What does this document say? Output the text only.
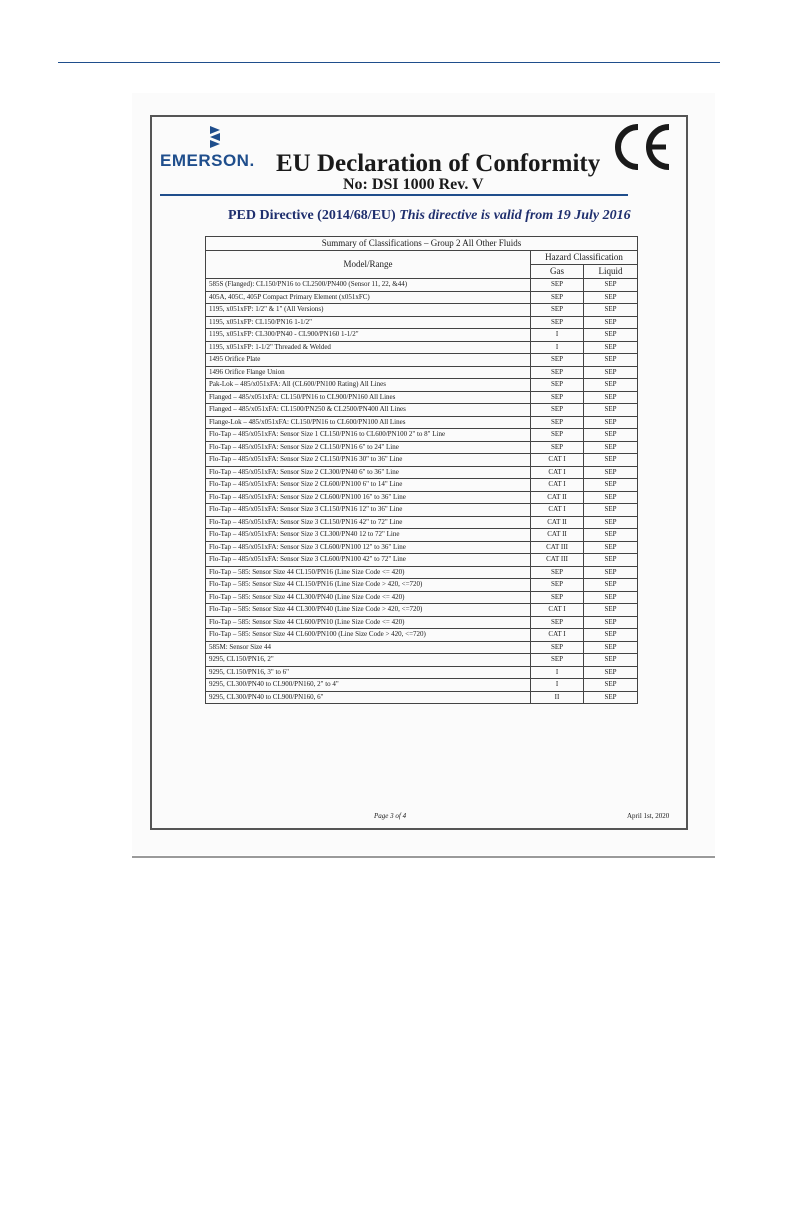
EMERSON. EU Declaration of Conformity
No: DSI 1000 Rev. V
PED Directive (2014/68/EU) This directive is valid from 19 July 2016
Summary of Classifications – Group 2 All Other Fluids		
Model/Range	Hazard Classification	
	Gas	Liquid
585S (Flanged): CL150/PN16 to CL2500/PN400 (Sensor 11, 22, &44)	SEP	SEP
405A, 405C, 405P Compact Primary Element (x051xFC)	SEP	SEP
1195, x051xFP: 1/2" & 1" (All Versions)	SEP	SEP
1195, x051xFP: CL150/PN16 1-1/2"	SEP	SEP
1195, x051xFP: CL300/PN40 - CL900/PN160 1-1/2"	I	SEP
1195, x051xFP: 1-1/2" Threaded & Welded	I	SEP
1495 Orifice Plate	SEP	SEP
1496 Orifice Flange Union	SEP	SEP
Pak-Lok – 485/x051xFA: All (CL600/PN100 Rating) All Lines	SEP	SEP
Flanged – 485/x051xFA: CL150/PN16 to CL900/PN160 All Lines	SEP	SEP
Flanged – 485/x051xFA: CL1500/PN250 & CL2500/PN400 All Lines	SEP	SEP
Flange-Lok – 485/x051xFA: CL150/PN16 to CL600/PN100 All Lines	SEP	SEP
Flo-Tap – 485/x051xFA: Sensor Size 1 CL150/PN16 to CL600/PN100 2" to 8" Line	SEP	SEP
Flo-Tap – 485/x051xFA: Sensor Size 2 CL150/PN16 6" to 24" Line	SEP	SEP
Flo-Tap – 485/x051xFA: Sensor Size 2 CL150/PN16 30" to 36" Line	CAT I	SEP
Flo-Tap – 485/x051xFA: Sensor Size 2 CL300/PN40 6" to 36" Line	CAT I	SEP
Flo-Tap – 485/x051xFA: Sensor Size 2 CL600/PN100 6" to 14" Line	CAT I	SEP
Flo-Tap – 485/x051xFA: Sensor Size 2 CL600/PN100 16" to 36" Line	CAT II	SEP
Flo-Tap – 485/x051xFA: Sensor Size 3 CL150/PN16 12" to 36" Line	CAT I	SEP
Flo-Tap – 485/x051xFA: Sensor Size 3 CL150/PN16 42" to 72" Line	CAT II	SEP
Flo-Tap – 485/x051xFA: Sensor Size 3 CL300/PN40 12 to 72" Line	CAT II	SEP
Flo-Tap – 485/x051xFA: Sensor Size 3 CL600/PN100 12" to 36" Line	CAT III	SEP
Flo-Tap – 485/x051xFA: Sensor Size 3 CL600/PN100 42" to 72" Line	CAT III	SEP
Flo-Tap – 585: Sensor Size 44 CL150/PN16 (Line Size Code <= 420)	SEP	SEP
Flo-Tap – 585: Sensor Size 44 CL150/PN16 (Line Size Code > 420, <=720)	SEP	SEP
Flo-Tap – 585: Sensor Size 44 CL300/PN40 (Line Size Code <= 420)	SEP	SEP
Flo-Tap – 585: Sensor Size 44 CL300/PN40 (Line Size Code > 420, <=720)	CAT I	SEP
Flo-Tap – 585: Sensor Size 44 CL600/PN10 (Line Size Code <= 420)	SEP	SEP
Flo-Tap – 585: Sensor Size 44 CL600/PN100 (Line Size Code > 420, <=720)	CAT I	SEP
585M: Sensor Size 44	SEP	SEP
9295, CL150/PN16, 2"	SEP	SEP
9295, CL150/PN16, 3" to 6"	I	SEP
9295, CL300/PN40 to CL900/PN160, 2" to 4"	I	SEP
9295, CL300/PN40 to CL900/PN160, 6"	II	SEP
Page 3 of 4	April 1st, 2020
